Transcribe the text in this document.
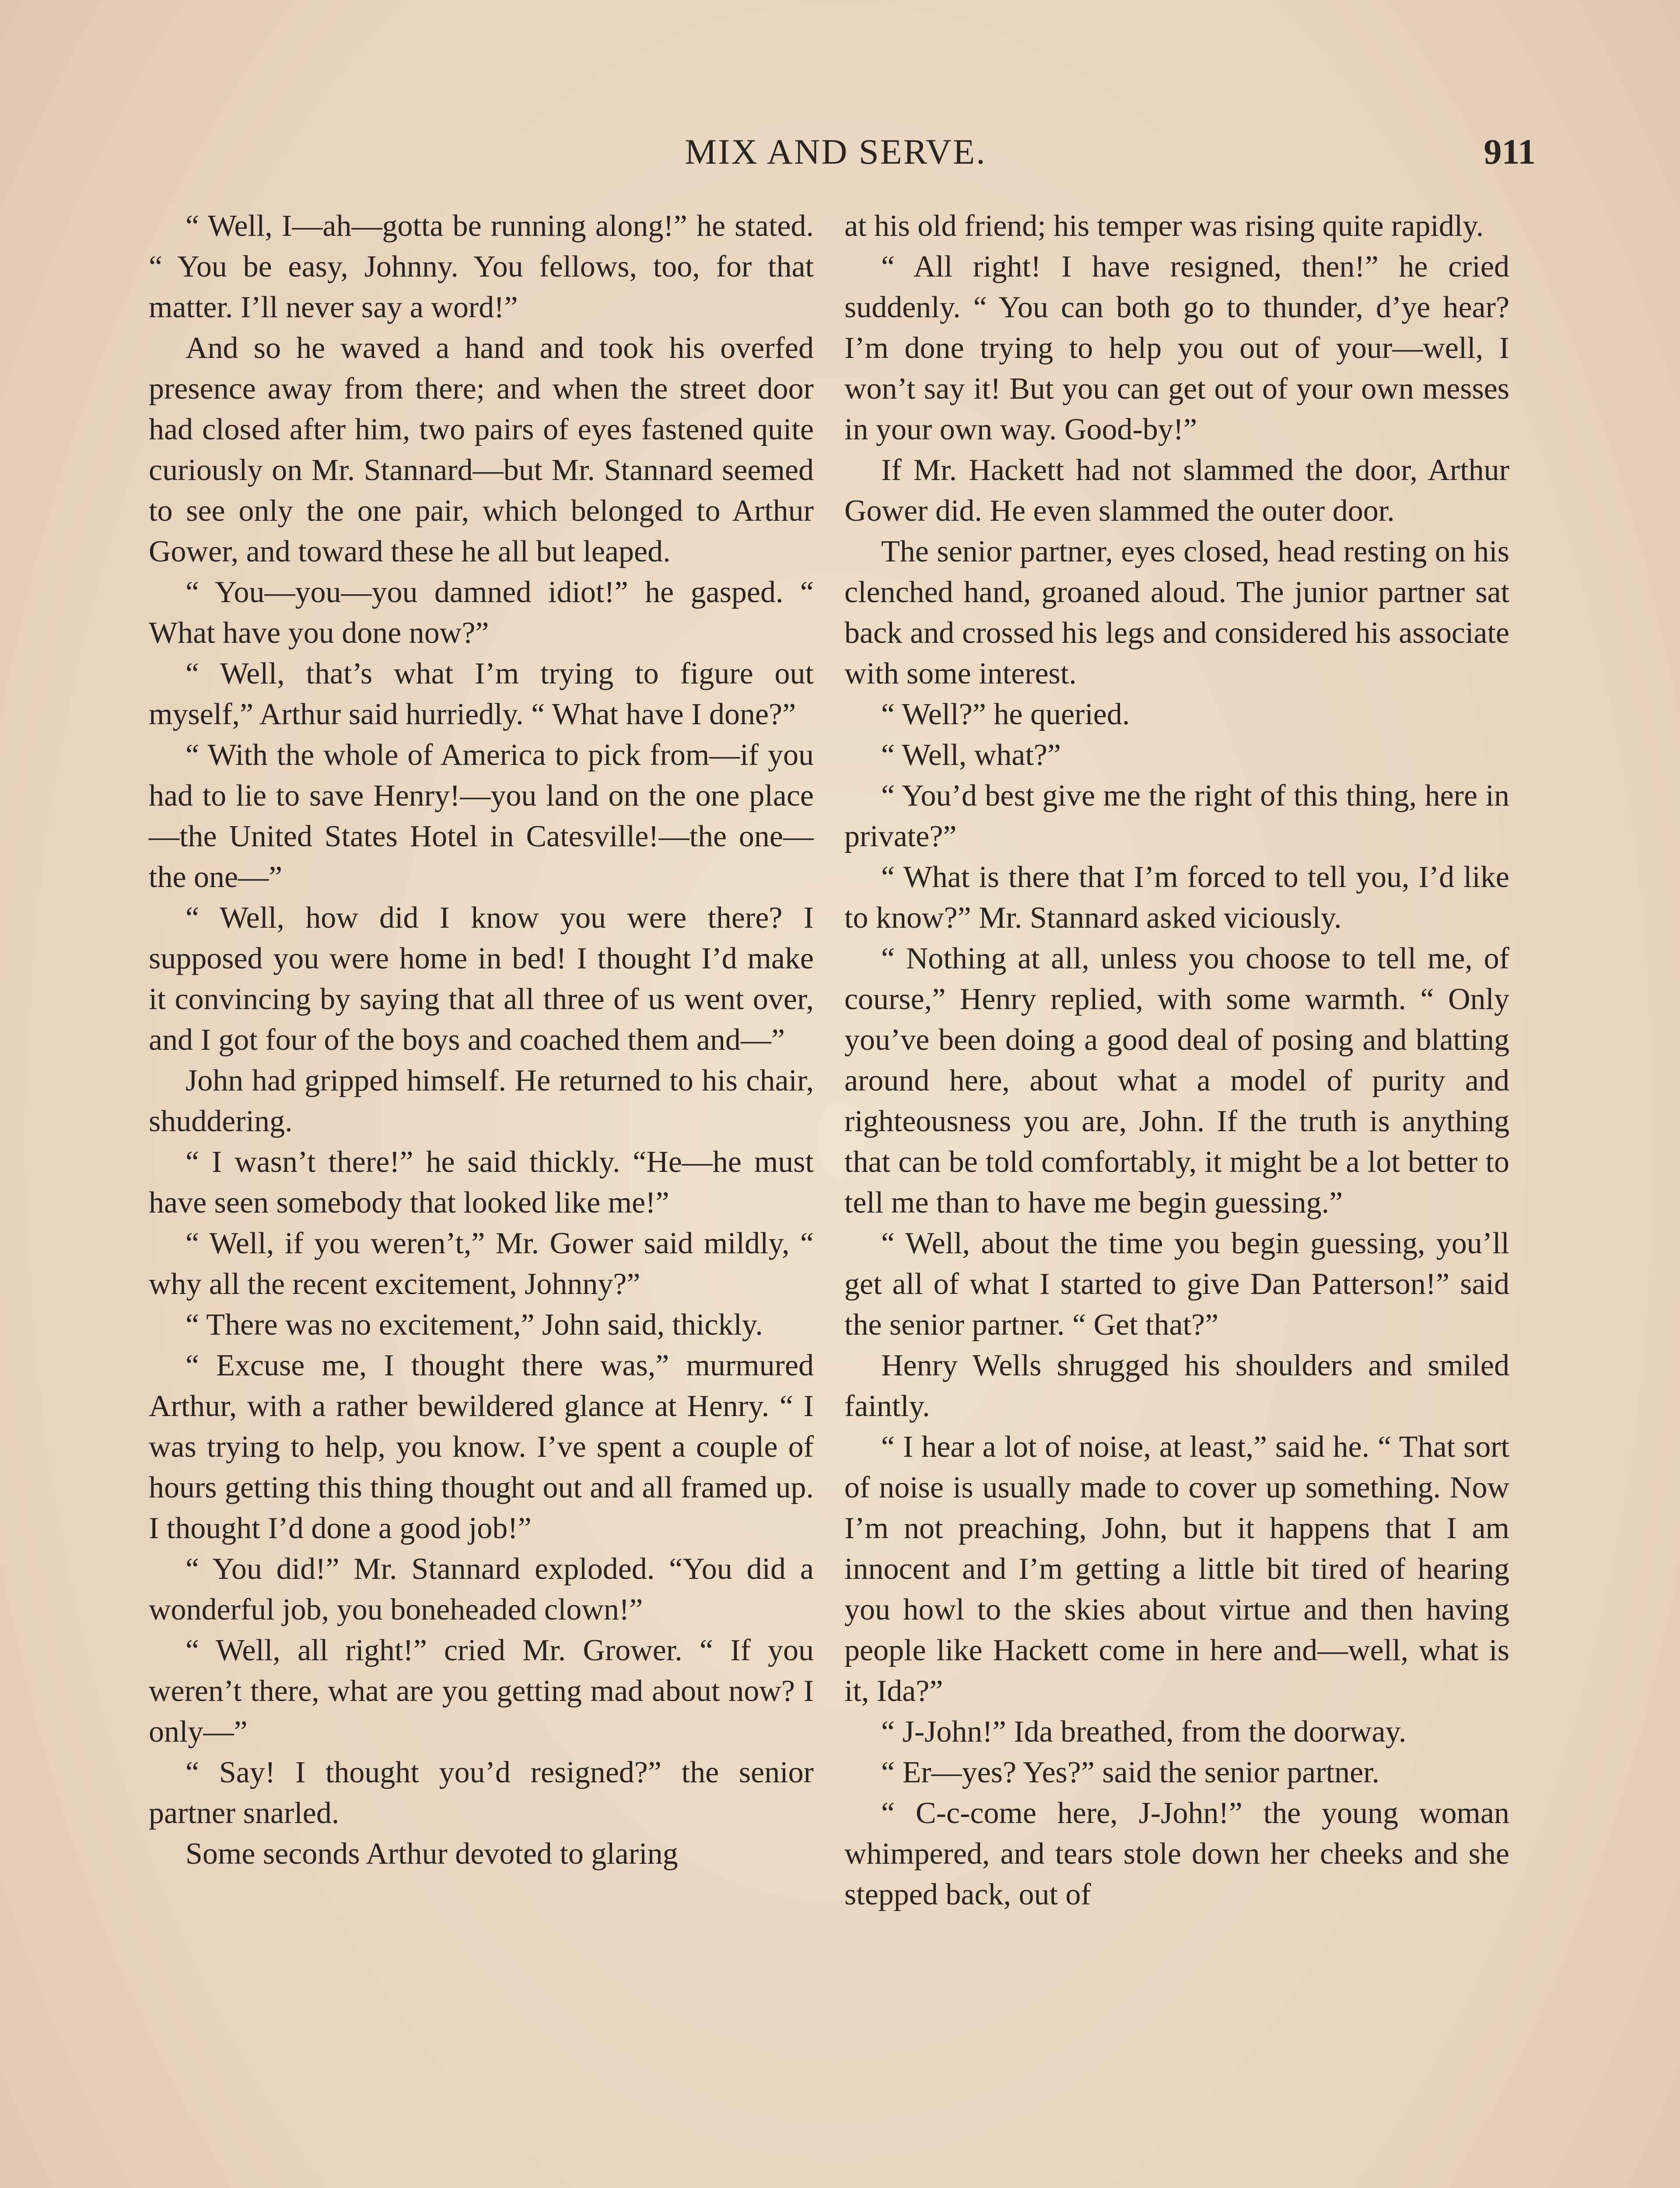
MIX AND SERVE.	911

“ Well, I—ah—gotta be running along!” he stated. “ You be easy, Johnny. You fellows, too, for that matter. I’ll never say a word!”

And so he waved a hand and took his overfed presence away from there; and when the street door had closed after him, two pairs of eyes fastened quite curiously on Mr. Stannard—but Mr. Stannard seemed to see only the one pair, which belonged to Arthur Gower, and toward these he all but leaped.

“ You—you—you damned idiot!” he gasped. “ What have you done now?”

“ Well, that’s what I’m trying to figure out myself,” Arthur said hurriedly. “ What have I done?”

“ With the whole of America to pick from—if you had to lie to save Henry!—you land on the one place—the United States Hotel in Catesville!—the one—the one—”

“ Well, how did I know you were there? I supposed you were home in bed! I thought I’d make it convincing by saying that all three of us went over, and I got four of the boys and coached them and—”

John had gripped himself. He returned to his chair, shuddering.

“ I wasn’t there!” he said thickly. “He—he must have seen somebody that looked like me!”

“ Well, if you weren’t,” Mr. Gower said mildly, “ why all the recent excitement, Johnny?”

“ There was no excitement,” John said, thickly.

“ Excuse me, I thought there was,” murmured Arthur, with a rather bewildered glance at Henry. “ I was trying to help, you know. I’ve spent a couple of hours getting this thing thought out and all framed up. I thought I’d done a good job!”

“ You did!” Mr. Stannard exploded. “You did a wonderful job, you boneheaded clown!”

“ Well, all right!” cried Mr. Grower. “ If you weren’t there, what are you getting mad about now? I only—”

“ Say! I thought you’d resigned?” the senior partner snarled.

Some seconds Arthur devoted to glaring

at his old friend; his temper was rising quite rapidly.

“ All right! I have resigned, then!” he cried suddenly. “ You can both go to thunder, d’ye hear? I’m done trying to help you out of your—well, I won’t say it! But you can get out of your own messes in your own way. Good-by!”

If Mr. Hackett had not slammed the door, Arthur Gower did. He even slammed the outer door.

The senior partner, eyes closed, head resting on his clenched hand, groaned aloud. The junior partner sat back and crossed his legs and considered his associate with some interest.

“ Well?” he queried.

“ Well, what?”

“ You’d best give me the right of this thing, here in private?”

“ What is there that I’m forced to tell you, I’d like to know?” Mr. Stannard asked viciously.

“ Nothing at all, unless you choose to tell me, of course,” Henry replied, with some warmth. “ Only you’ve been doing a good deal of posing and blatting around here, about what a model of purity and righteousness you are, John. If the truth is anything that can be told comfortably, it might be a lot better to tell me than to have me begin guessing.”

“ Well, about the time you begin guessing, you’ll get all of what I started to give Dan Patterson!” said the senior partner. “ Get that?”

Henry Wells shrugged his shoulders and smiled faintly.

“ I hear a lot of noise, at least,” said he. “ That sort of noise is usually made to cover up something. Now I’m not preaching, John, but it happens that I am innocent and I’m getting a little bit tired of hearing you howl to the skies about virtue and then having people like Hackett come in here and—well, what is it, Ida?”

“ J-John!” Ida breathed, from the doorway.

“ Er—yes? Yes?” said the senior partner.

“ C-c-come here, J-John!” the young woman whimpered, and tears stole down her cheeks and she stepped back, out of
